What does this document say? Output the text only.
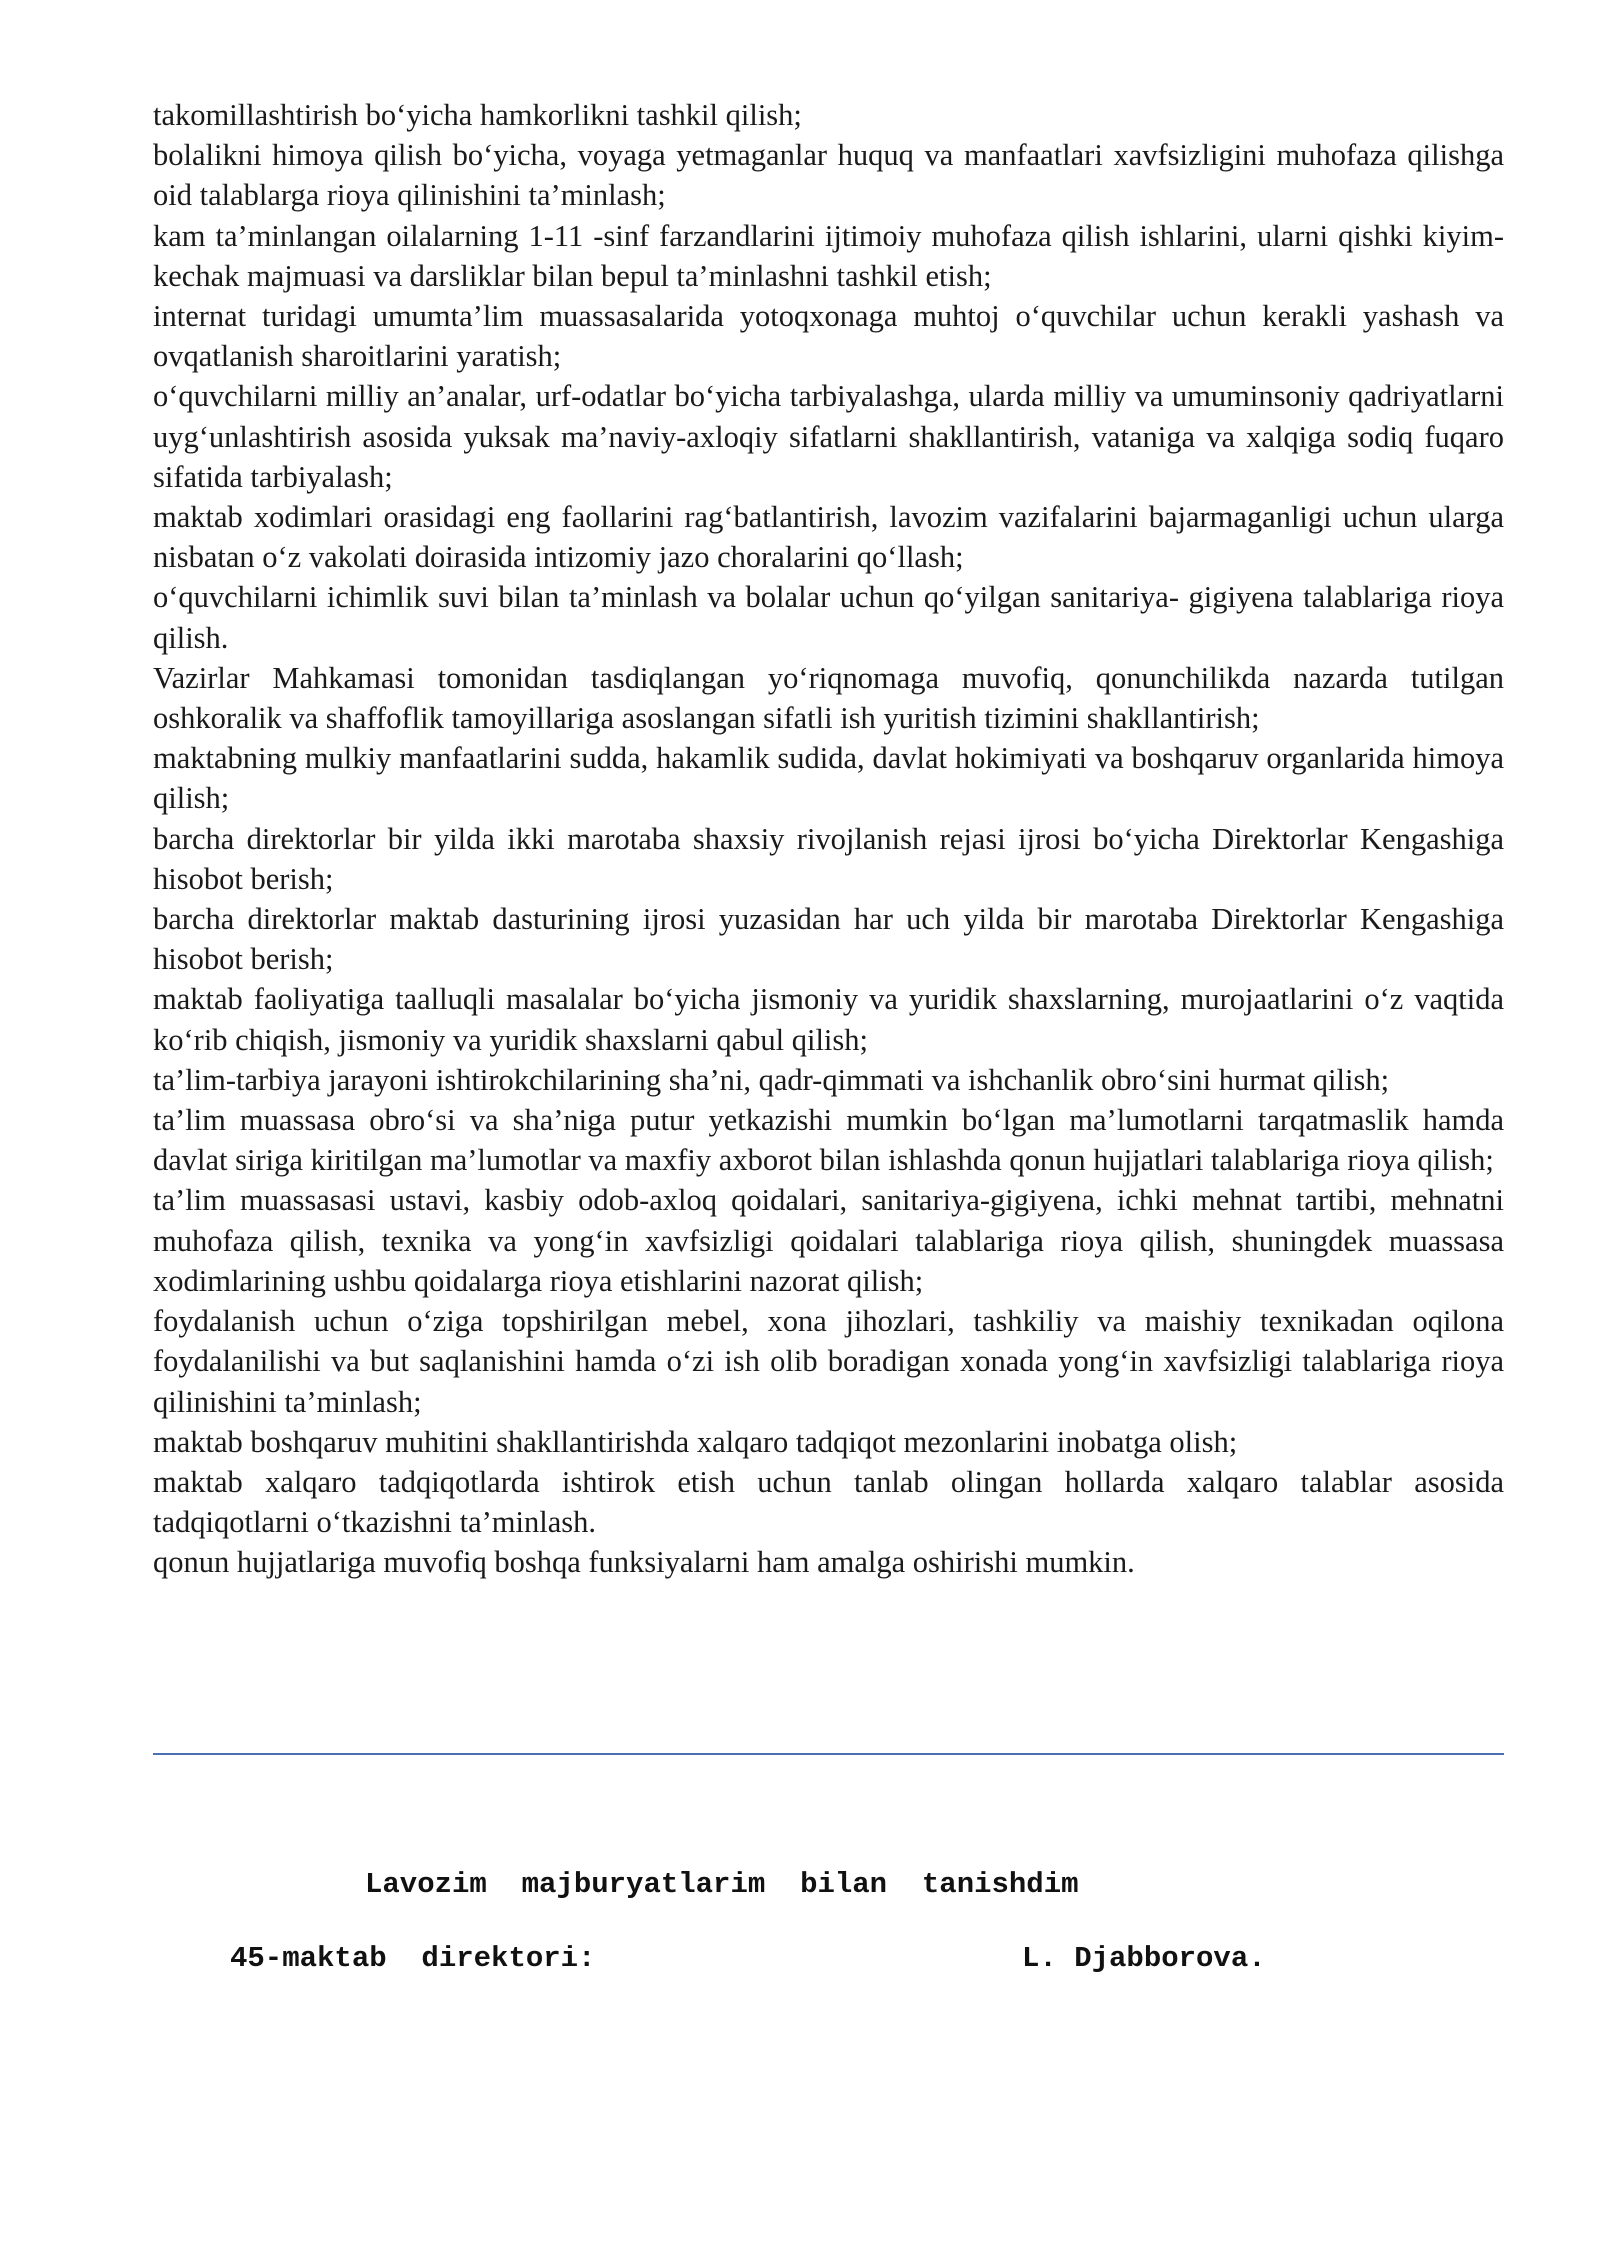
takomillashtirish bo‘yicha hamkorlikni tashkil qilish;

bolalikni himoya qilish bo‘yicha, voyaga yetmaganlar huquq va manfaatlari xavfsizligini muhofaza qilishga oid talablarga rioya qilinishini ta’minlash;

kam ta’minlangan oilalarning 1-11 -sinf farzandlarini ijtimoiy muhofaza qilish ishlarini, ularni qishki kiyim-kechak majmuasi va darsliklar bilan bepul ta’minlashni tashkil etish;

internat turidagi umumta’lim muassasalarida yotoqxonaga muhtoj o‘quvchilar uchun kerakli yashash va ovqatlanish sharoitlarini yaratish;

o‘quvchilarni milliy an’analar, urf-odatlar bo‘yicha tarbiyalashga, ularda milliy va umuminsoniy qadriyatlarni uyg‘unlashtirish asosida yuksak ma’naviy-axloqiy sifatlarni shakllantirish, vataniga va xalqiga sodiq fuqaro sifatida tarbiyalash;

maktab xodimlari orasidagi eng faollarini rag‘batlantirish, lavozim vazifalarini bajarmaganligi uchun ularga nisbatan o‘z vakolati doirasida intizomiy jazo choralarini qo‘llash;

o‘quvchilarni ichimlik suvi bilan ta’minlash va bolalar uchun qo‘yilgan sanitariya- gigiyena talablariga rioya qilish.

Vazirlar Mahkamasi tomonidan tasdiqlangan yo‘riqnomaga muvofiq, qonunchilikda nazarda tutilgan oshkoralik va shaffoflik tamoyillariga asoslangan sifatli ish yuritish tizimini shakllantirish;

maktabning mulkiy manfaatlarini sudda, hakamlik sudida, davlat hokimiyati va boshqaruv organlarida himoya qilish;

barcha direktorlar bir yilda ikki marotaba shaxsiy rivojlanish rejasi ijrosi bo‘yicha Direktorlar Kengashiga hisobot berish;

barcha direktorlar maktab dasturining ijrosi yuzasidan har uch yilda bir marotaba Direktorlar Kengashiga hisobot berish;

maktab faoliyatiga taalluqli masalalar bo‘yicha jismoniy va yuridik shaxslarning, murojaatlarini o‘z vaqtida ko‘rib chiqish, jismoniy va yuridik shaxslarni qabul qilish;

ta’lim-tarbiya jarayoni ishtirokchilarining sha’ni, qadr-qimmati va ishchanlik obro‘sini hurmat qilish;

ta’lim muassasa obro‘si va sha’niga putur yetkazishi mumkin bo‘lgan ma’lumotlarni tarqatmaslik hamda davlat siriga kiritilgan ma’lumotlar va maxfiy axborot bilan ishlashda qonun hujjatlari talablariga rioya qilish;

ta’lim muassasasi ustavi, kasbiy odob-axloq qoidalari, sanitariya-gigiyena, ichki mehnat tartibi, mehnatni muhofaza qilish, texnika va yong‘in xavfsizligi qoidalari talablariga rioya qilish, shuningdek muassasa xodimlarining ushbu qoidalarga rioya etishlarini nazorat qilish;

foydalanish uchun o‘ziga topshirilgan mebel, xona jihozlari, tashkiliy va maishiy texnikadan oqilona foydalanilishi va but saqlanishini hamda o‘zi ish olib boradigan xonada yong‘in xavfsizligi talablariga rioya qilinishini ta’minlash;

maktab boshqaruv muhitini shakllantirishda xalqaro tadqiqot mezonlarini inobatga olish;

maktab xalqaro tadqiqotlarda ishtirok etish uchun tanlab olingan hollarda xalqaro talablar asosida tadqiqotlarni o‘tkazishni ta’minlash.

qonun hujjatlariga muvofiq boshqa funksiyalarni ham amalga oshirishi mumkin.

Lavozim  majburyatlarim  bilan  tanishdim
45-maktab  direktori:	L. Djabborova.
